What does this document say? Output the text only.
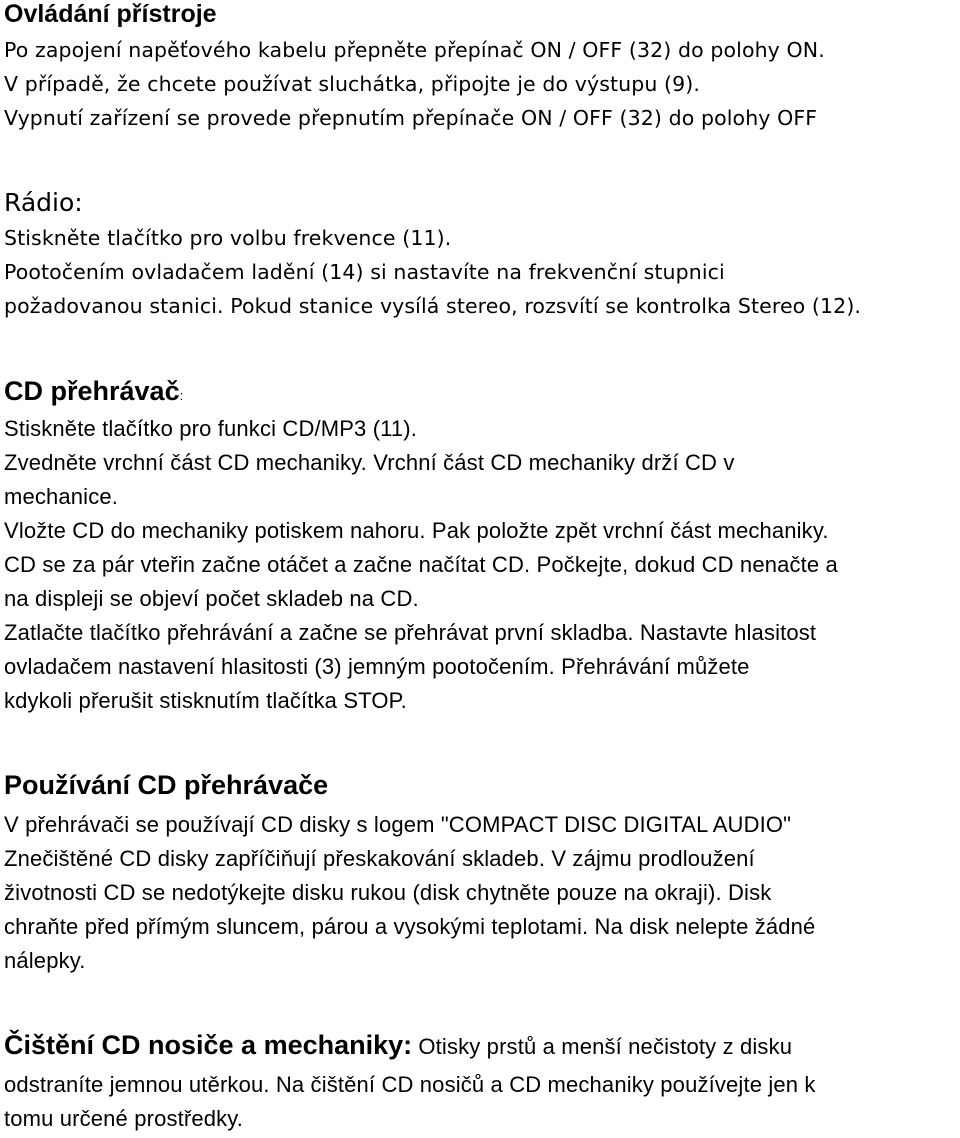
Ovládání přístroje
Po zapojení napěťového kabelu přepněte přepínač ON / OFF (32) do polohy ON.
V případě, že chcete používat sluchátka, připojte je do výstupu (9).
Vypnutí zařízení se provede přepnutím přepínače ON / OFF (32) do polohy OFF
Rádio:
Stiskněte tlačítko pro volbu frekvence (11).
Pootočením ovladačem ladění (14) si nastavíte na frekvenční stupnici
požadovanou stanici. Pokud stanice vysílá stereo, rozsvítí se kontrolka Stereo (12).
CD přehrávač:
Stiskněte tlačítko pro funkci CD/MP3 (11).
Zvedněte vrchní část CD mechaniky. Vrchní část CD mechaniky drží CD v
mechanice.
Vložte CD do mechaniky potiskem nahoru. Pak položte zpět vrchní část mechaniky.
CD se za pár vteřin začne otáčet a začne načítat CD. Počkejte, dokud CD nenačte a
na displeji se objeví počet skladeb na CD.
Zatlačte tlačítko přehrávání a začne se přehrávat první skladba. Nastavte hlasitost
ovladačem nastavení hlasitosti (3) jemným pootočením. Přehrávání můžete
kdykoli přerušit stisknutím tlačítka STOP.
Používání CD přehrávače
V přehrávači se používají CD disky s logem "COMPACT DISC DIGITAL AUDIO"
Znečištěné CD disky zapříčiňují přeskakování skladeb. V zájmu prodloužení
životnosti CD se nedotýkejte disku rukou (disk chytněte pouze na okraji). Disk
chraňte před přímým sluncem, párou a vysokými teplotami. Na disk nelepte žádné
nálepky.
Čištění CD nosiče a mechaniky: Otisky prstů a menší nečistoty z disku
odstraníte jemnou utěrkou. Na čištění CD nosičů a CD mechaniky používejte jen k
tomu určené prostředky.
